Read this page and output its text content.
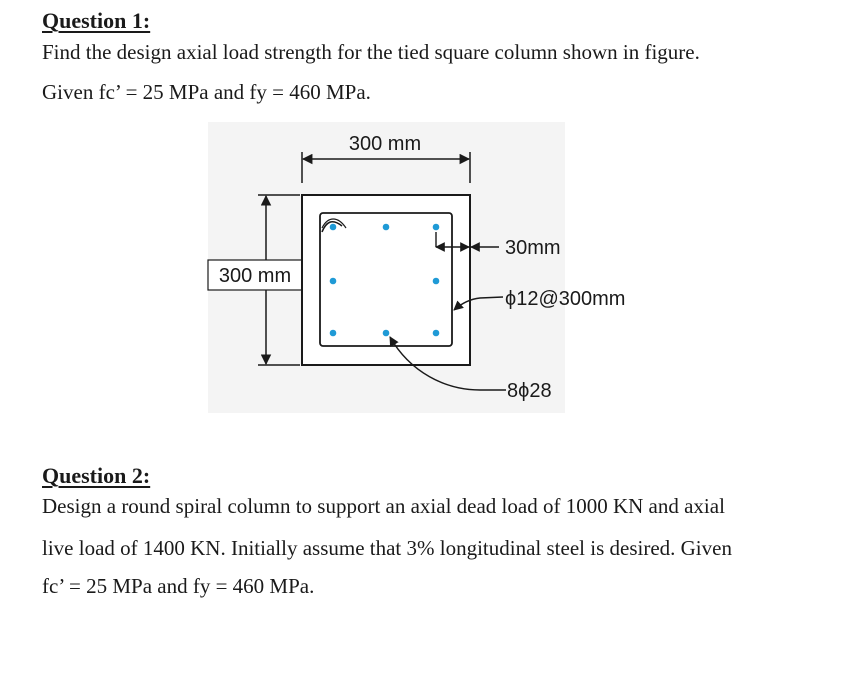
Question 1:
Find the design axial load strength for the tied square column shown in figure.
Given fc’ = 25 MPa and fy = 460 MPa.
300 mm
300 mm
30mm
ϕ12@300mm
8ϕ28
Question 2:
Design a round spiral column to support an axial dead load of 1000 KN and axial
live load of 1400 KN. Initially assume that 3% longitudinal steel is desired. Given
fc’ = 25 MPa and fy = 460 MPa.
